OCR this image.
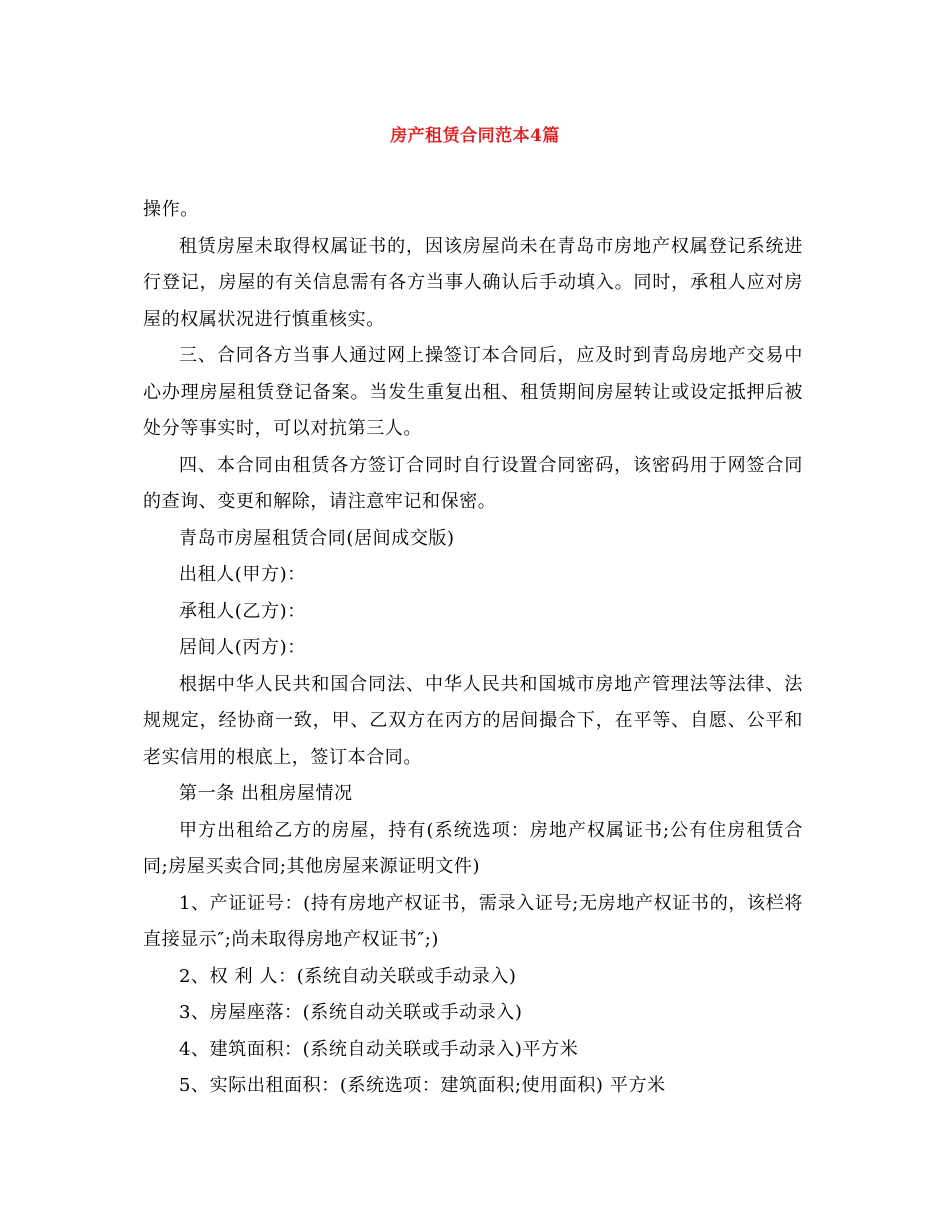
房产租赁合同范本4篇

操作。

租赁房屋未取得权属证书的，因该房屋尚未在青岛市房地产权属登记系统进行登记，房屋的有关信息需有各方当事人确认后手动填入。同时，承租人应对房屋的权属状况进行慎重核实。

三、合同各方当事人通过网上操签订本合同后，应及时到青岛房地产交易中心办理房屋租赁登记备案。当发生重复出租、租赁期间房屋转让或设定抵押后被处分等事实时，可以对抗第三人。

四、本合同由租赁各方签订合同时自行设置合同密码，该密码用于网签合同的查询、变更和解除，请注意牢记和保密。

青岛市房屋租赁合同(居间成交版)

出租人(甲方)：

承租人(乙方)：

居间人(丙方)：

根据中华人民共和国合同法、中华人民共和国城市房地产管理法等法律、法规规定，经协商一致，甲、乙双方在丙方的居间撮合下，在平等、自愿、公平和老实信用的根底上，签订本合同。

第一条 出租房屋情况

甲方出租给乙方的房屋，持有(系统选项：房地产权属证书;公有住房租赁合同;房屋买卖合同;其他房屋来源证明文件)

1、产证证号：(持有房地产权证书，需录入证号;无房地产权证书的，该栏将直接显示″;尚未取得房地产权证书″;)

2、权 利 人：(系统自动关联或手动录入)

3、房屋座落：(系统自动关联或手动录入)

4、建筑面积：(系统自动关联或手动录入)平方米

5、实际出租面积：(系统选项：建筑面积;使用面积) 平方米
